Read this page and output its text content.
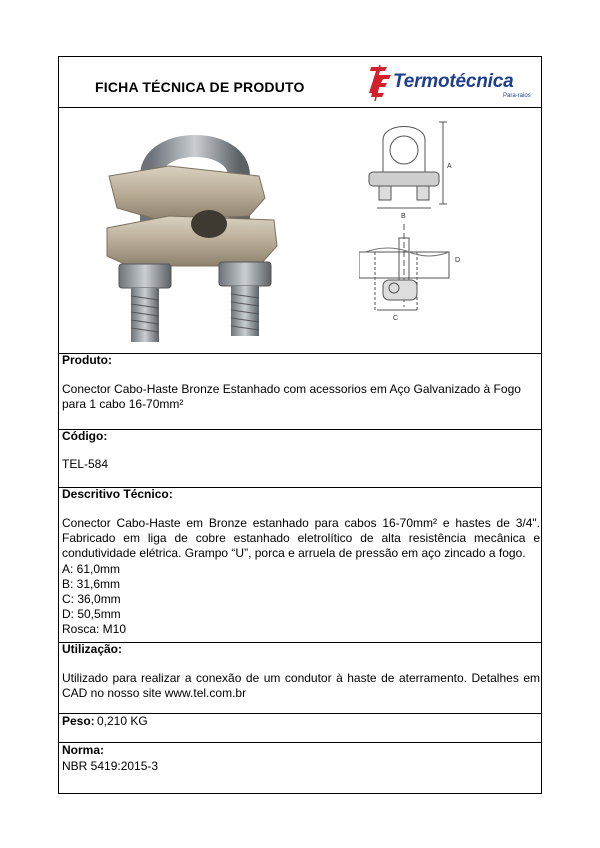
FICHA TÉCNICA DE PRODUTO	Termotécnica
Para-raios
A
B
C
D
Produto:
Conector Cabo-Haste Bronze Estanhado com acessorios em Aço Galvanizado à Fogo
para 1 cabo 16-70mm²
Código:
TEL-584
Descritivo Técnico:
Conector Cabo-Haste em Bronze estanhado para cabos 16-70mm² e hastes de 3/4". Fabricado em liga de cobre estanhado eletrolítico de alta resistência mecânica e condutividade elétrica. Grampo “U”, porca e arruela de pressão em aço zincado a fogo.
A: 61,0mm
B: 31,6mm
C: 36,0mm
D: 50,5mm
Rosca: M10
Utilização:
Utilizado para realizar a conexão de um condutor à haste de aterramento. Detalhes em CAD no nosso site www.tel.com.br
Peso: 0,210 KG
Norma:
NBR 5419:2015-3
